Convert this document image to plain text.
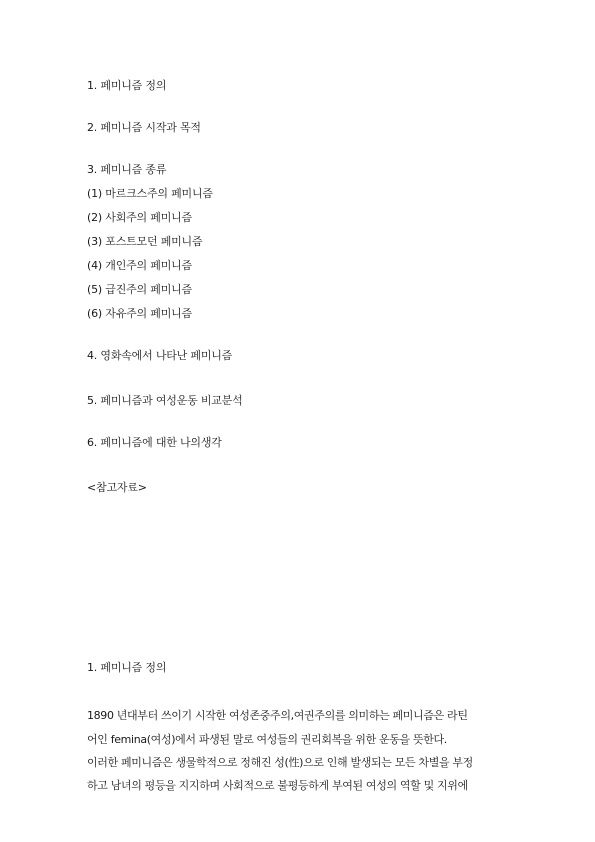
1. 페미니즘 정의
2. 페미니즘 시작과 목적
3. 페미니즘 종류
(1) 마르크스주의 페미니즘
(2) 사회주의 페미니즘
(3) 포스트모던 페미니즘
(4) 개인주의 페미니즘
(5) 급진주의 페미니즘
(6) 자유주의 페미니즘
4. 영화속에서 나타난 페미니즘
5. 페미니즘과 여성운동 비교분석
6. 페미니즘에 대한 나의생각
<참고자료>
1. 페미니즘 정의
1890 년대부터 쓰이기 시작한 여성존중주의,여권주의를 의미하는 페미니즘은 라틴
어인 femina(여성)에서 파생된 말로 여성들의 권리회복을 위한 운동을 뜻한다.
이러한 페미니즘은 생물학적으로 정해진 성(性)으로 인해 발생되는 모든 차별을 부정
하고 남녀의 평등을 지지하며 사회적으로 불평등하게 부여된 여성의 역할 및 지위에
